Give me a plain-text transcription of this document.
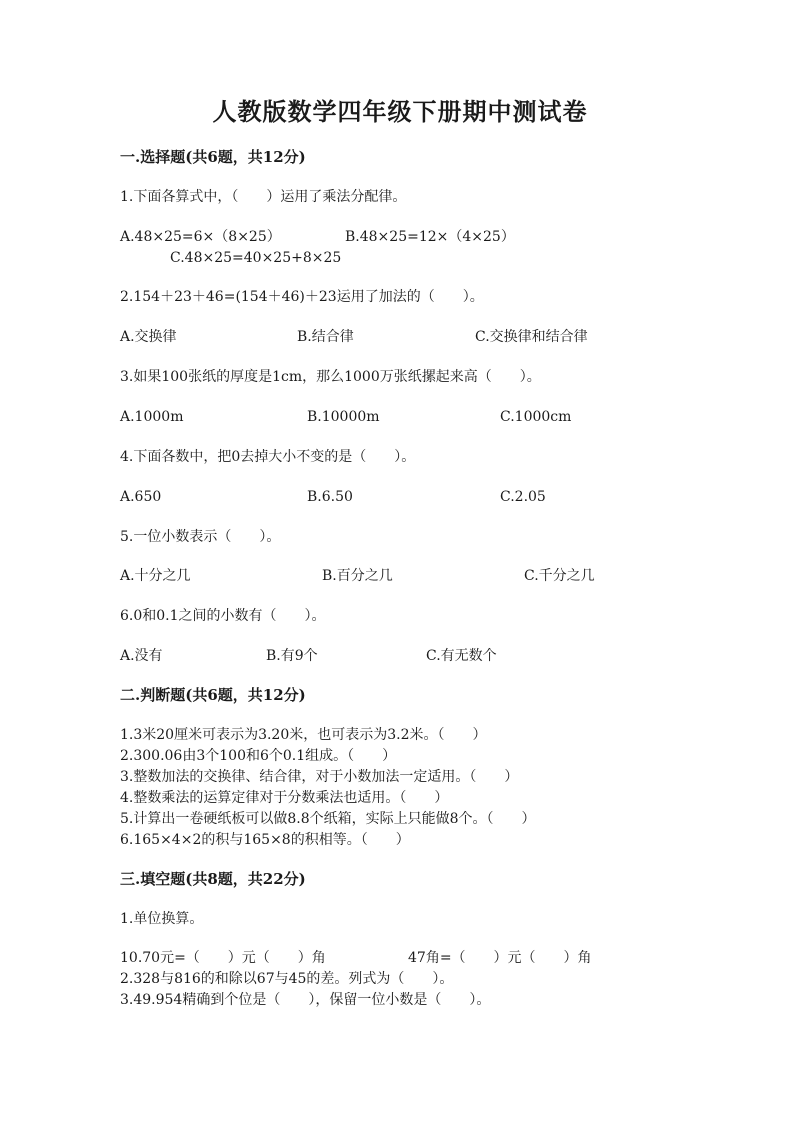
人教版数学四年级下册期中测试卷
一.选择题(共6题，共12分)
1.下面各算式中，（　　）运用了乘法分配律。
A.48×25=6×（8×25）	B.48×25=12×（4×25）
C.48×25=40×25+8×25
2.154＋23＋46=(154＋46)＋23运用了加法的（　　）。
A.交换律	B.结合律	C.交换律和结合律
3.如果100张纸的厚度是1cm，那么1000万张纸摞起来高（　　）。
A.1000m	B.10000m	C.1000cm
4.下面各数中，把0去掉大小不变的是（　　）。
A.650	B.6.50	C.2.05
5.一位小数表示（　　）。
A.十分之几	B.百分之几	C.千分之几
6.0和0.1之间的小数有（　　）。
A.没有	B.有9个	C.有无数个
二.判断题(共6题，共12分)
1.3米20厘米可表示为3.20米，也可表示为3.2米。（　　）
2.300.06由3个100和6个0.1组成。（　　）
3.整数加法的交换律、结合律，对于小数加法一定适用。（　　）
4.整数乘法的运算定律对于分数乘法也适用。（　　）
5.计算出一卷硬纸板可以做8.8个纸箱，实际上只能做8个。（　　）
6.165×4×2的积与165×8的积相等。（　　）
三.填空题(共8题，共22分)
1.单位换算。
10.70元=（　　）元（　　）角	47角=（　　）元（　　）角
2.328与816的和除以67与45的差。列式为（　　）。
3.49.954精确到个位是（　　），保留一位小数是（　　）。
